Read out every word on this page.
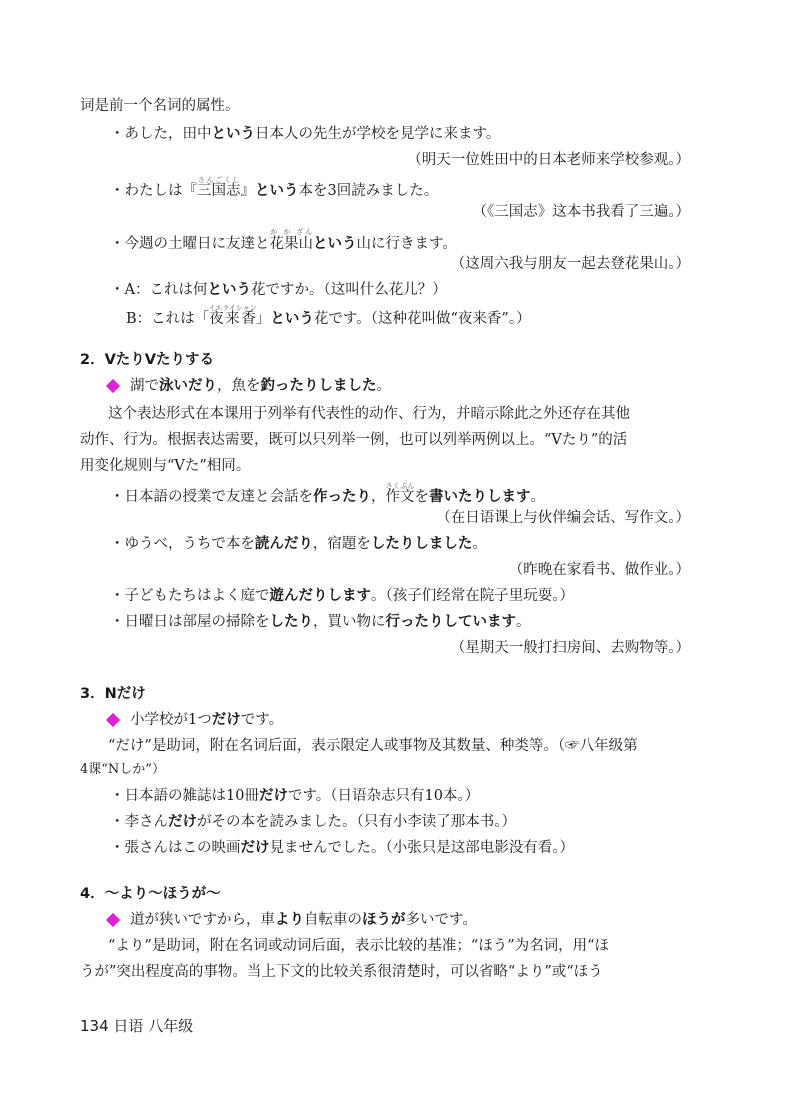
词是前一个名词的属性。
・あした，田中という日本人の先生が学校を見学に来ます。
（明天一位姓田中的日本老师来学校参观。）
・わたしは『三国志さんごくし』という本を3回読みました。
（《三国志》这本书我看了三遍。）
・今週の土曜日に友達と花果山か か ざんという山に行きます。
（这周六我与朋友一起去登花果山。）
・A：これは何という花ですか。（这叫什么花儿？）
B：これは「夜来香イエライシャン」という花です。（这种花叫做“夜来香”。）
2．VたりVたりする
湖で泳いだり，魚を釣ったりしました。
这个表达形式在本课用于列举有代表性的动作、行为，并暗示除此之外还存在其他
动作、行为。根据表达需要，既可以只列举一例，也可以列举两例以上。“Vたり”的活
用变化规则与“Vた”相同。
・日本語の授業で友達と会話を作ったり，作文さくぶんを書いたりします。
（在日语课上与伙伴编会话、写作文。）
・ゆうべ，うちで本を読んだり，宿題をしたりしました。
（昨晚在家看书、做作业。）
・子どもたちはよく庭で遊んだりします。（孩子们经常在院子里玩耍。）
・日曜日は部屋の掃除をしたり，買い物に行ったりしています。
（星期天一般打扫房间、去购物等。）
3．Nだけ
小学校が1つだけです。
“だけ”是助词，附在名词后面，表示限定人或事物及其数量、种类等。（☞八年级第
4课“Nしか”）
・日本語の雑誌は10冊だけです。（日语杂志只有10本。）
・李さんだけがその本を読みました。（只有小李读了那本书。）
・張さんはこの映画だけ見ませんでした。（小张只是这部电影没有看。）
4．～より～ほうが～
道が狭いですから，車より自転車のほうが多いです。
“より”是助词，附在名词或动词后面，表示比较的基准；“ほう”为名词，用“ほ
うが”突出程度高的事物。当上下文的比较关系很清楚时，可以省略“より”或“ほう
134 日语 八年级
